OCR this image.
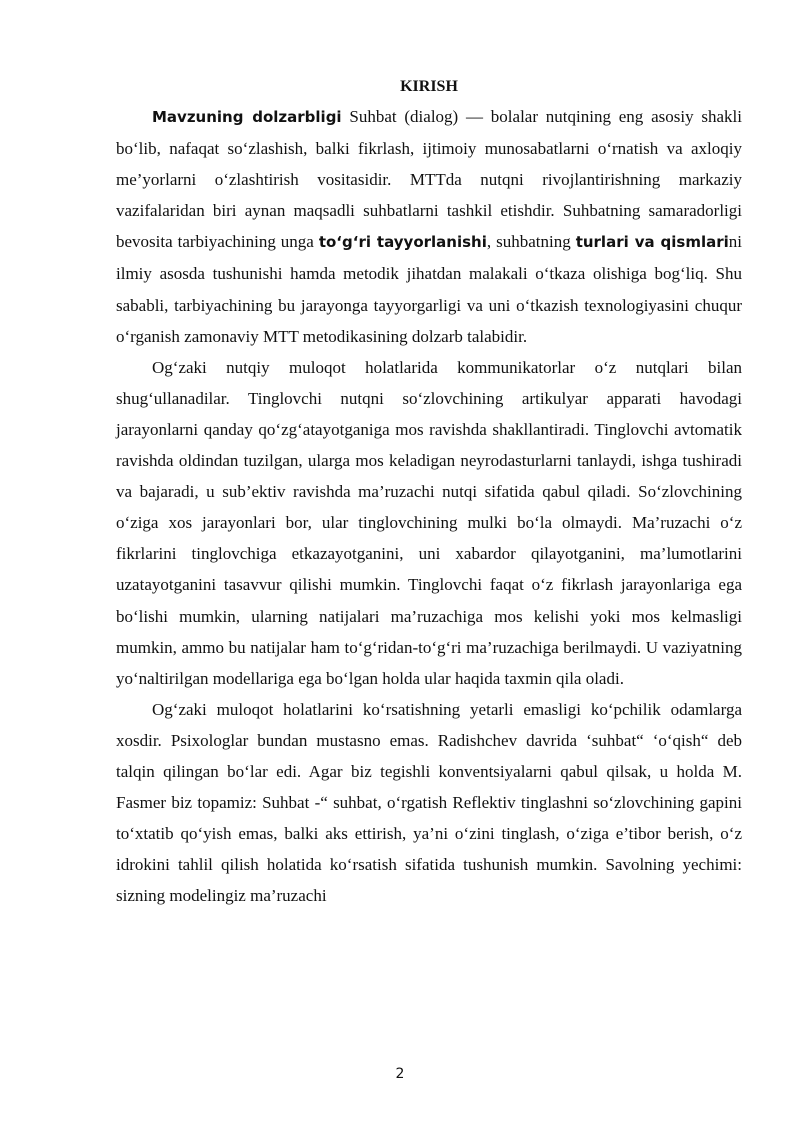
KIRISH

Mavzuning dolzarbligi Suhbat (dialog) — bolalar nutqining eng asosiy shakli bo‘lib, nafaqat so‘zlashish, balki fikrlash, ijtimoiy munosabatlarni o‘rnatish va axloqiy me’yorlarni o‘zlashtirish vositasidir. MTTda nutqni rivojlantirishning markaziy vazifalaridan biri aynan maqsadli suhbatlarni tashkil etishdir. Suhbatning samaradorligi bevosita tarbiyachining unga to‘g‘ri tayyorlanishi, suhbatning turlari va qismlarini ilmiy asosda tushunishi hamda metodik jihatdan malakali o‘tkaza olishiga bog‘liq. Shu sababli, tarbiyachining bu jarayonga tayyorgarligi va uni o‘tkazish texnologiyasini chuqur o‘rganish zamonaviy MTT metodikasining dolzarb talabidir.

Og‘zaki nutqiy muloqot holatlarida kommunikatorlar o‘z nutqlari bilan shug‘ullanadilar. Tinglovchi nutqni so‘zlovchining artikulyar apparati havodagi jarayonlarni qanday qo‘zg‘atayotganiga mos ravishda shakllantiradi. Tinglovchi avtomatik ravishda oldindan tuzilgan, ularga mos keladigan neyrodasturlarni tanlaydi, ishga tushiradi va bajaradi, u sub’ektiv ravishda ma’ruzachi nutqi sifatida qabul qiladi. So‘zlovchining o‘ziga xos jarayonlari bor, ular tinglovchining mulki bo‘la olmaydi. Ma’ruzachi o‘z fikrlarini tinglovchiga etkazayotganini, uni xabardor qilayotganini, ma’lumotlarini uzatayotganini tasavvur qilishi mumkin. Tinglovchi faqat o‘z fikrlash jarayonlariga ega bo‘lishi mumkin, ularning natijalari ma’ruzachiga mos kelishi yoki mos kelmasligi mumkin, ammo bu natijalar ham to‘g‘ridan-to‘g‘ri ma’ruzachiga berilmaydi. U vaziyatning yo‘naltirilgan modellariga ega bo‘lgan holda ular haqida taxmin qila oladi.

Og‘zaki muloqot holatlarini ko‘rsatishning yetarli emasligi ko‘pchilik odamlarga xosdir. Psixologlar bundan mustasno emas. Radishchev davrida ‘suhbat“ ‘o‘qish“ deb talqin qilingan bo‘lar edi. Agar biz tegishli konventsiyalarni qabul qilsak, u holda M. Fasmer biz topamiz: Suhbat -“ suhbat, o‘rgatish Reflektiv tinglashni so‘zlovchining gapini to‘xtatib qo‘yish emas, balki aks ettirish, ya’ni o‘zini tinglash, o‘ziga e’tibor berish, o‘z idrokini tahlil qilish holatida ko‘rsatish sifatida tushunish mumkin. Savolning yechimi: sizning modelingiz ma’ruzachi

2
